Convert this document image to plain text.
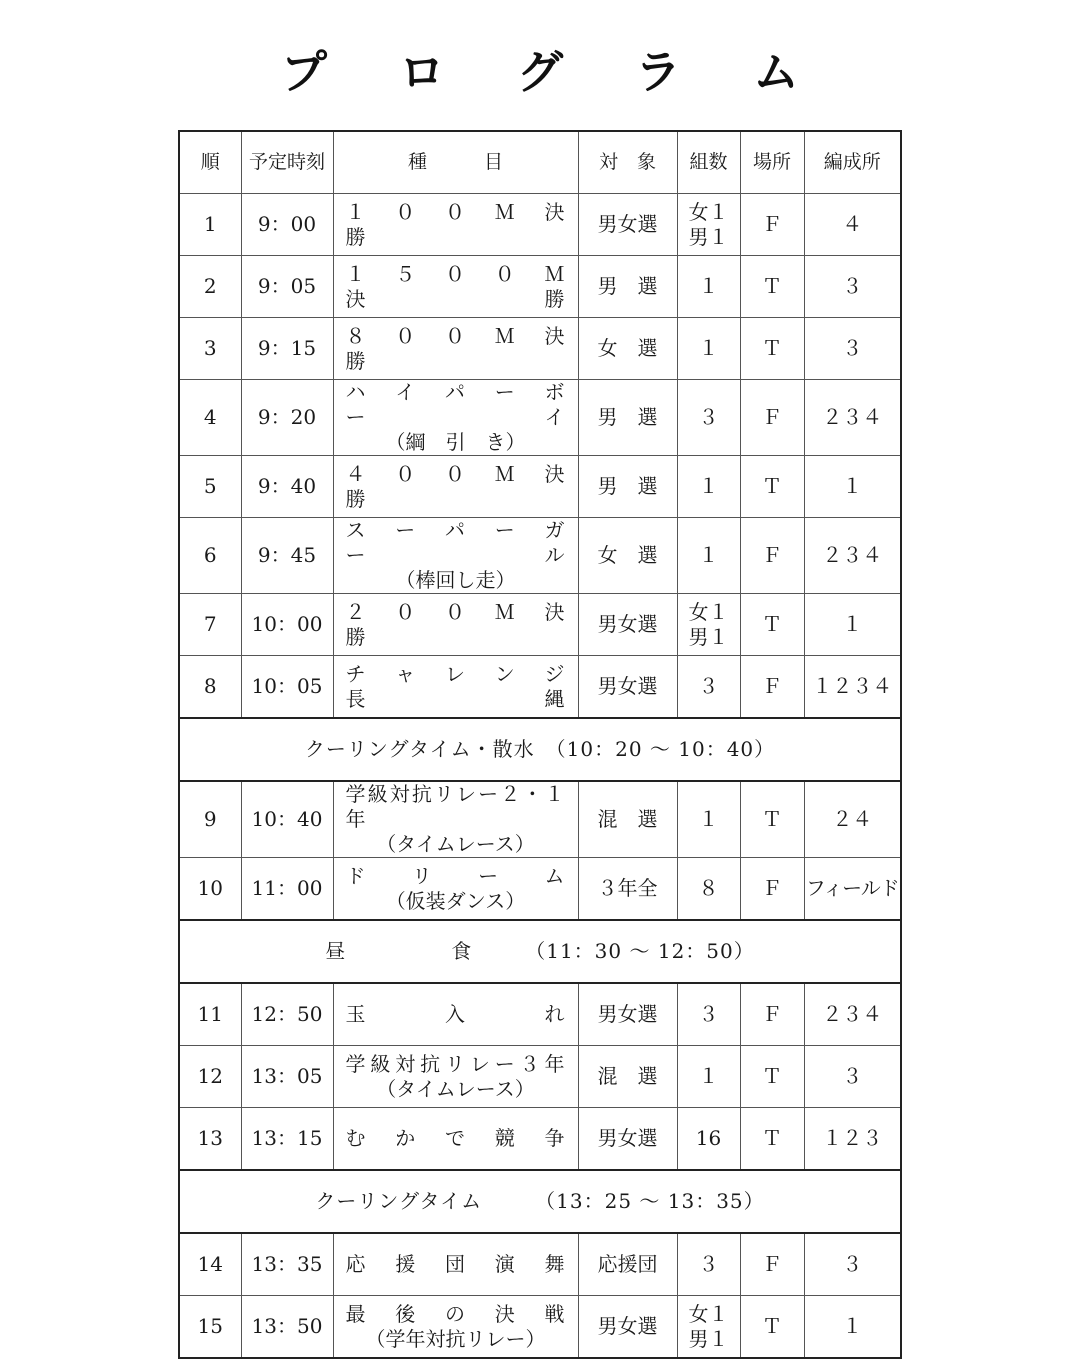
プ ロ グ ラ ム
順	予定時刻	種　　　目	対　象	組数	場所	編成所
1	9：00	１　０　０　Ｍ　決　勝	男女選	女１
男１	Ｆ	４
2	9：05	１　５　０　０　Ｍ　決　勝	男　選	１	Ｔ	３
3	9：15	８　０　０　Ｍ　決　勝	女　選	１	Ｔ	３
4	9：20	ハ　イ　パ　ー　ボ　ー　イ
（綱　引　き）	男　選	３	Ｆ	２３４
5	9：40	４　０　０　Ｍ　決　勝	男　選	１	Ｔ	１
6	9：45	ス　ー　パ　ー　ガ　ー　ル
（棒回し走）	女　選	１	Ｆ	２３４
7	10：00	２　０　０　Ｍ　決　勝	男女選	女１
男１	Ｔ	１
8	10：05	チ　ャ　レ　ン　ジ　長　縄	男女選	３	Ｆ	１２３４
クーリングタイム・散水　（10：20 ～ 10：40）						
9	10：40	学級対抗リレー２・１年
（タイムレース）	混　選	１	Ｔ	２４
10	11：00	ド　　リ　　ー　　ム
（仮装ダンス）	３年全	８	Ｆ	フィールド
昼　　　　　食　　　（11：30 ～ 12：50）						
11	12：50	玉　　　入　　　れ	男女選	３	Ｆ	２３４
12	13：05	学級対抗リレー３年
（タイムレース）	混　選	１	Ｔ	３
13	13：15	む　か　で　競　争	男女選	16	Ｔ	１２３
クーリングタイム　　　（13：25 ～ 13：35）						
14	13：35	応　援　団　演　舞	応援団	３	Ｆ	３
15	13：50	最　後　の　決　戦
（学年対抗リレー）	男女選	女１
男１	Ｔ	１
